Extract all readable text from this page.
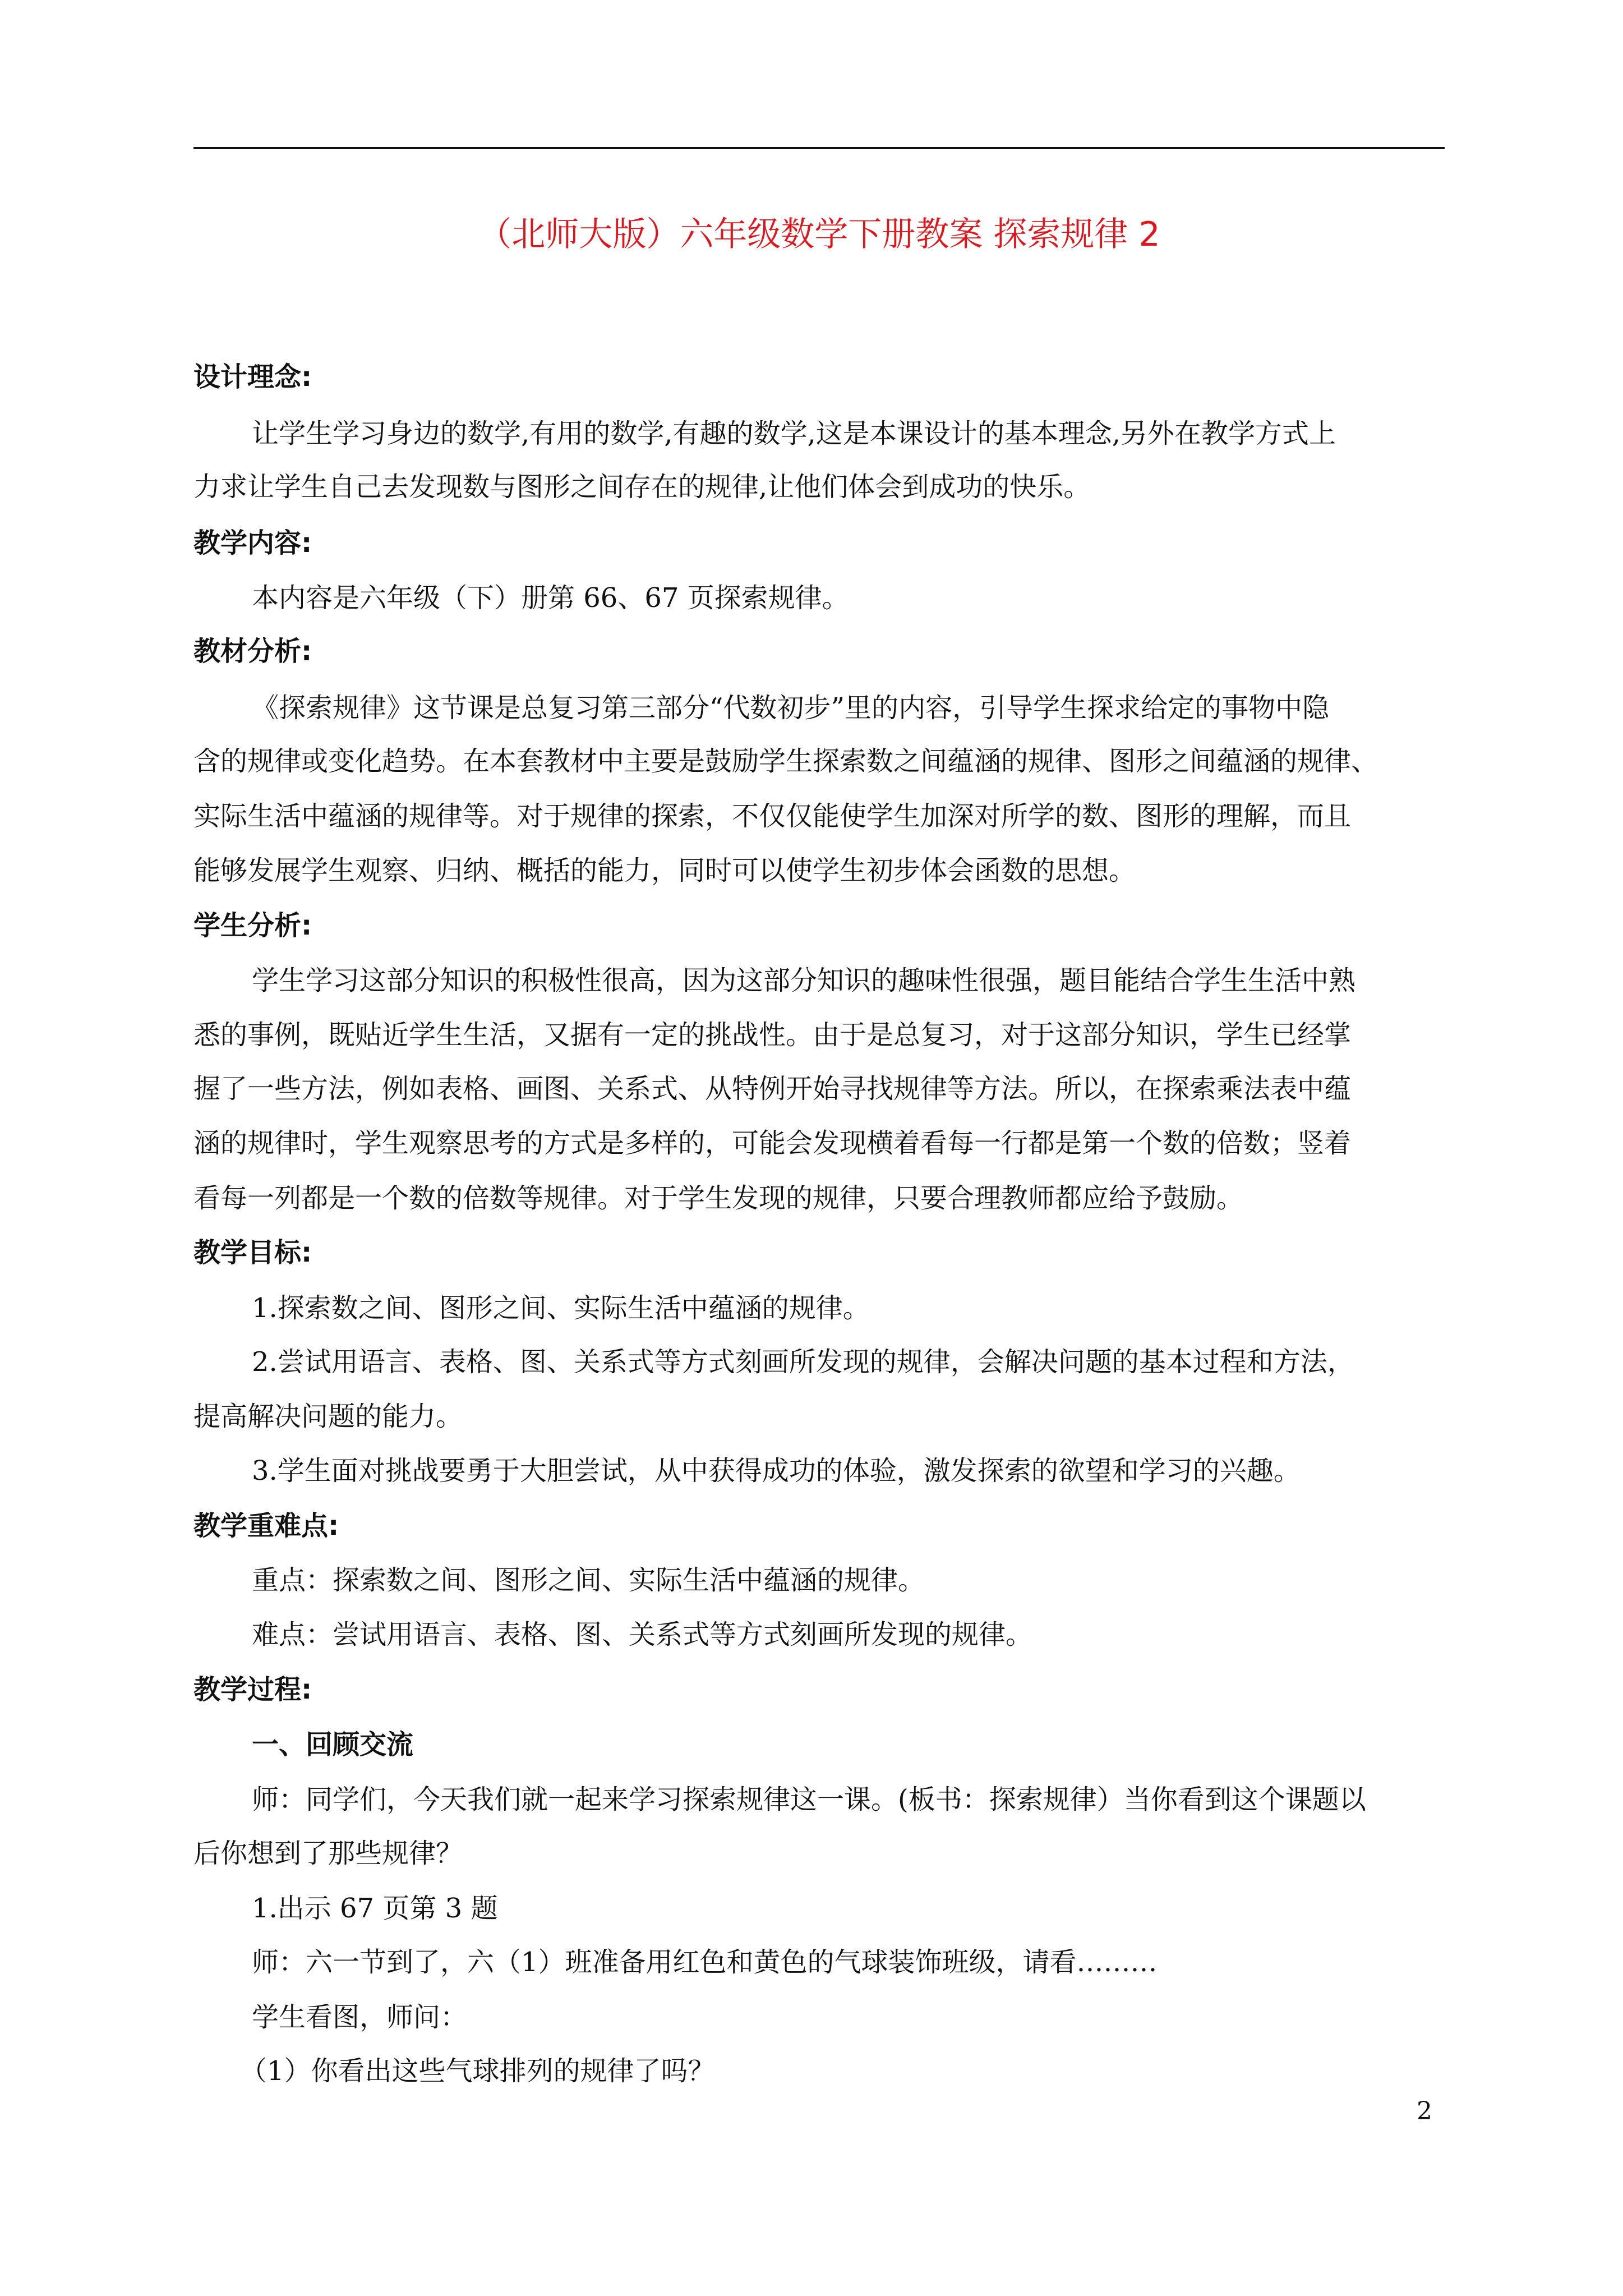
（北师大版）六年级数学下册教案 探索规律 2
设计理念:
让学生学习身边的数学,有用的数学,有趣的数学,这是本课设计的基本理念,另外在教学方式上
力求让学生自己去发现数与图形之间存在的规律,让他们体会到成功的快乐。
教学内容:
本内容是六年级（下）册第 66、67 页探索规律。
教材分析:
《探索规律》这节课是总复习第三部分“代数初步”里的内容，引导学生探求给定的事物中隐
含的规律或变化趋势。在本套教材中主要是鼓励学生探索数之间蕴涵的规律、图形之间蕴涵的规律、
实际生活中蕴涵的规律等。对于规律的探索，不仅仅能使学生加深对所学的数、图形的理解，而且
能够发展学生观察、归纳、概括的能力，同时可以使学生初步体会函数的思想。
学生分析:
学生学习这部分知识的积极性很高，因为这部分知识的趣味性很强，题目能结合学生生活中熟
悉的事例，既贴近学生生活，又据有一定的挑战性。由于是总复习，对于这部分知识，学生已经掌
握了一些方法，例如表格、画图、关系式、从特例开始寻找规律等方法。所以，在探索乘法表中蕴
涵的规律时，学生观察思考的方式是多样的，可能会发现横着看每一行都是第一个数的倍数；竖着
看每一列都是一个数的倍数等规律。对于学生发现的规律，只要合理教师都应给予鼓励。
教学目标:
1.探索数之间、图形之间、实际生活中蕴涵的规律。
2.尝试用语言、表格、图、关系式等方式刻画所发现的规律，会解决问题的基本过程和方法，
提高解决问题的能力。
3.学生面对挑战要勇于大胆尝试，从中获得成功的体验，激发探索的欲望和学习的兴趣。
教学重难点:
重点：探索数之间、图形之间、实际生活中蕴涵的规律。
难点：尝试用语言、表格、图、关系式等方式刻画所发现的规律。
教学过程:
一、回顾交流
师：同学们，今天我们就一起来学习探索规律这一课。(板书：探索规律）当你看到这个课题以
后你想到了那些规律？
1.出示 67 页第 3 题
师：六一节到了，六（1）班准备用红色和黄色的气球装饰班级，请看………
学生看图，师问：
（1）你看出这些气球排列的规律了吗？
2
